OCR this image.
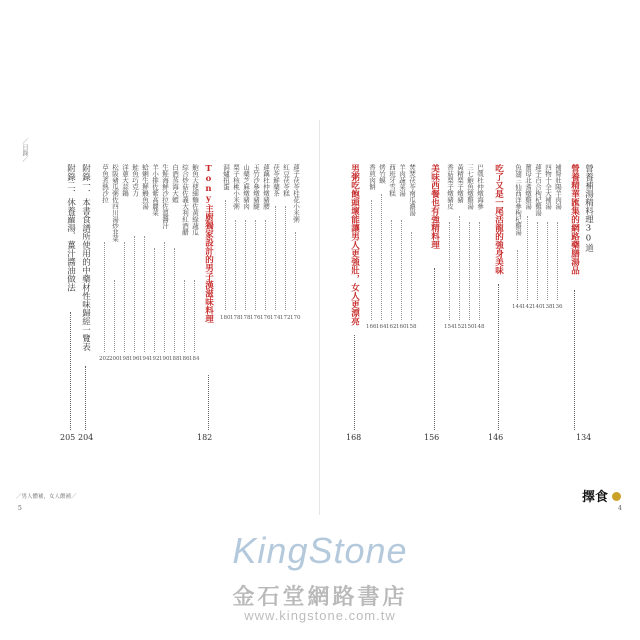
／目錄／
附錄二．休養蘿湯．薑汁醬油做法
205
附錄一．本書食譜所使用的中藥材性味歸經一覽表
204
草魚煮熱沙拉 松阪豬瓜粥佐四川湯炒韭菜 洋蔥大蒜鍋 鮭魚巧克力 蛤蜊生鮮鰻魚湯 羊小排佐紫高麗菜 生鮭海鮮沙拉佐溫醬汁 白酒蒸海大蝦 綜合炒菇佐義大利紅酒醋 鮑魚天使細麵佐黃綠蔬瓜
202 200 198 196 194 192 190 188 186 184
Tony主廚獨家設計的男子漢滋味料理
182
洞爐扭蛋 栗子核桃小米粥 山藥芝麻燉豬肉 玉竹沙參燉豬腱 蓮藕杜仲燉豬腰 茯苓鮮藥茶 紅豆茯苓糕 蓮子茯苓桂花小米粥
180 178 178 176 176 174 172 170
／男人體補，女人餵補／
5
男粥吃飽頭壞能讓男人更強壯，女人更漂亮
168
香煎肉餅 烤竹蟆 西班牙雪糕 羊肉蔬菜湯 焚焚茯苓南瓜濃湯
166 164 162 160 158
美味西餐也有強精料理
156
香菇栗子燉豬皮 黃精栗子燉豬 三七鮑魚燉雞湯 巴戟杜仲燉海參
154 152 150 148
吃了又是一尾活龍的強身美味
146
魚翅三仙西洋參枸杞雞湯 薑母北耆燉雞湯 蓮子百合枸杞雞湯 四物十全大補湯 補腎壯陽羊肉湯
144 142 140 138 136
營養精華匯集的網路藥膳湯品 營養補湯精料理30道
134
擇食
4
KingStone
金石堂網路書店
www.kingstone.com.tw
